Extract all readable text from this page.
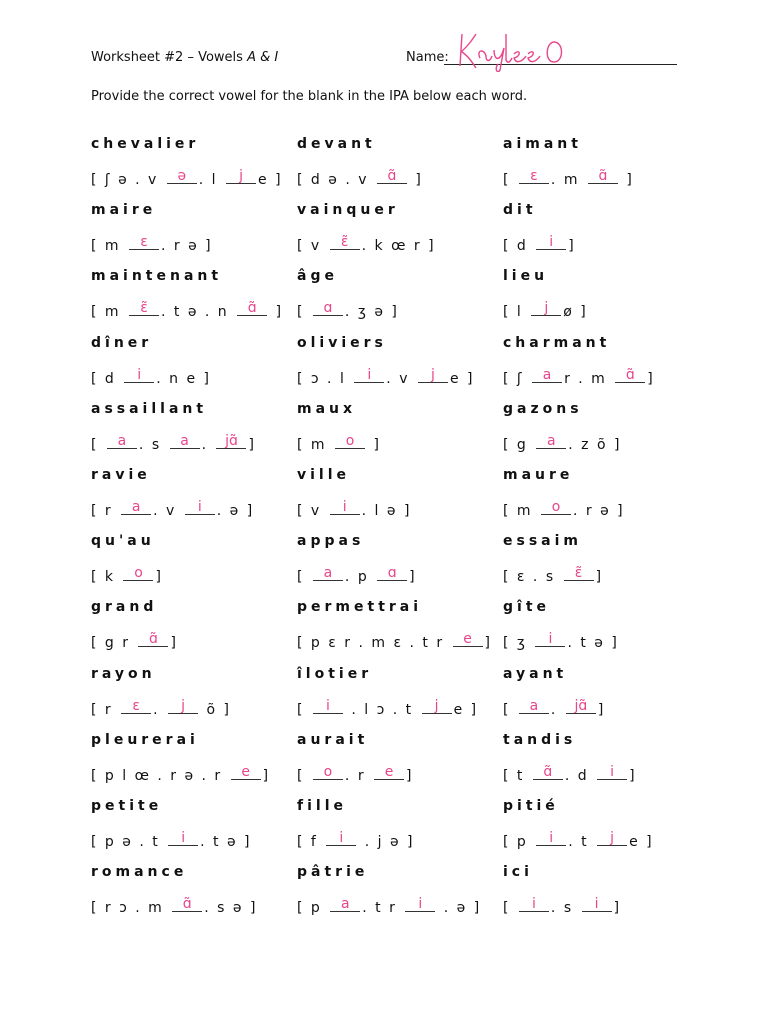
Worksheet #2 – Vowels A & I	Name:
Provide the correct vowel for the blank in the IPA below each word.
chevalier
[ ʃ ə . v ə . l	j	e ]
maire
[ m ɛ . r ə ]
maintenant
[ m ɛ̃ . t ə . n ɑ̃ ]
dîner
[ d	i	. n e ]
assaillant
[ a . s a . jɑ̃ ]
ravie
[ r a . v	i	. ə ]
qu'au
[ k o ]
grand
[ g r ɑ̃ ]
rayon
[ r ɛ .	j	õ ]
pleurerai
[ p l œ . r ə . r e ]
petite
[ p ə . t	i	. t ə ]
romance
[ r ɔ . m ɑ̃ . s ə ]
devant
[ d ə . v ɑ̃ ]
vainquer
[ v ɛ̃ . k œ r ]
âge
[ ɑ . ʒ ə ]
oliviers
[ ɔ . l	i	. v	j	e ]
maux
[ m o ]
ville
[ v	i	. l ə ]
appas
[ a . p ɑ ]
permettrai
[ p ɛ r . m ɛ . t r e ]
îlotier
[	i	. l ɔ . t	j	e ]
aurait
[ o . r e ]
fille
[ f	i	. j ə ]
pâtrie
[ p a . t r	i	. ə ]
aimant
[ ɛ . m ɑ̃ ]
dit
[ d	i	]
lieu
[ l	j	ø ]
charmant
[ ʃ a r . m ɑ̃ ]
gazons
[ g a . z õ ]
maure
[ m o . r ə ]
essaim
[ ɛ . s ɛ̃ ]
gîte
[ ʒ	i	. t ə ]
ayant
[ a . jɑ̃ ]
tandis
[ t ɑ̃ . d	i	]
pitié
[ p	i	. t	j	e ]
ici
[	i	. s	i	]
